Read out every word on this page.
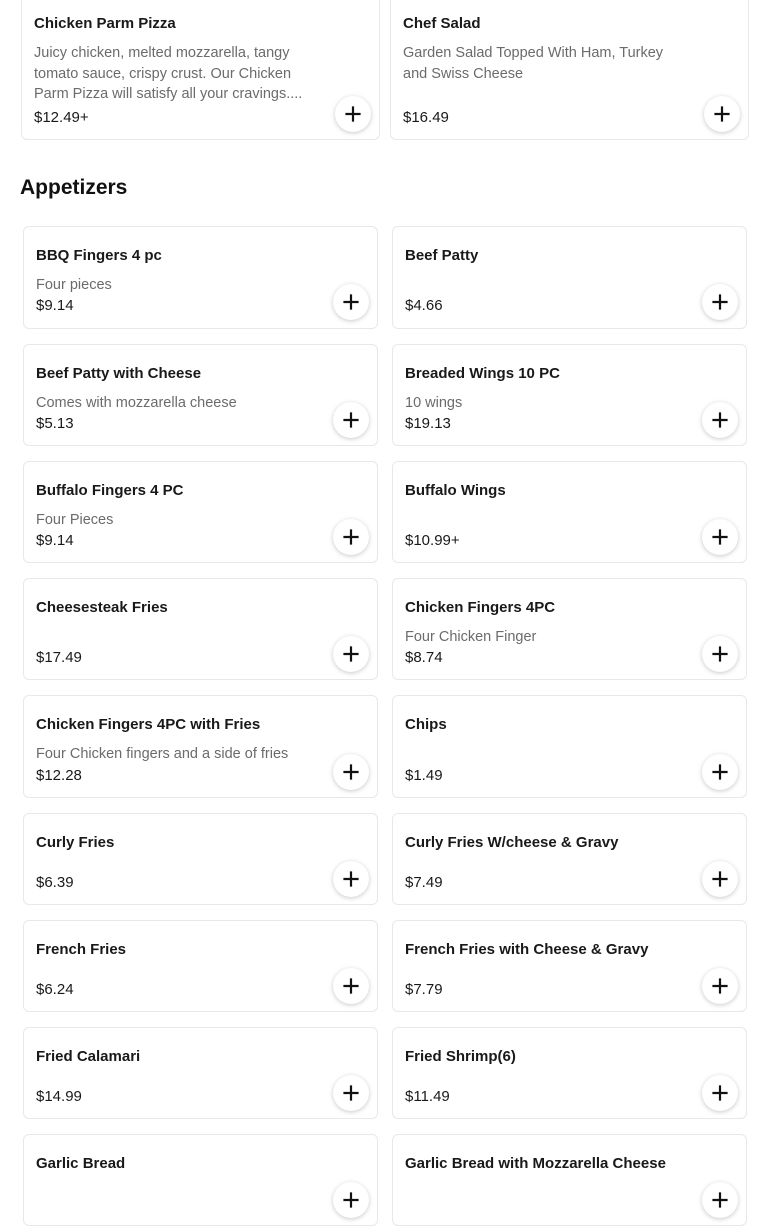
Chicken Parm Pizza
Juicy chicken, melted mozzarella, tangy tomato sauce, crispy crust. Our Chicken Parm Pizza will satisfy all your cravings....
$12.49+
Chef Salad
Garden Salad Topped With Ham, Turkey and Swiss Cheese
$16.49
Appetizers
BBQ Fingers 4 pc
Four pieces
$9.14
Beef Patty
$4.66
Beef Patty with Cheese
Comes with mozzarella cheese
$5.13
Breaded Wings 10 PC
10 wings
$19.13
Buffalo Fingers 4 PC
Four Pieces
$9.14
Buffalo Wings
$10.99+
Cheesesteak Fries
$17.49
Chicken Fingers 4PC
Four Chicken Finger
$8.74
Chicken Fingers 4PC with Fries
Four Chicken fingers and a side of fries
$12.28
Chips
$1.49
Curly Fries
$6.39
Curly Fries W/cheese & Gravy
$7.49
French Fries
$6.24
French Fries with Cheese & Gravy
$7.79
Fried Calamari
$14.99
Fried Shrimp(6)
$11.49
Garlic Bread	Garlic Bread with Mozzarella Cheese
